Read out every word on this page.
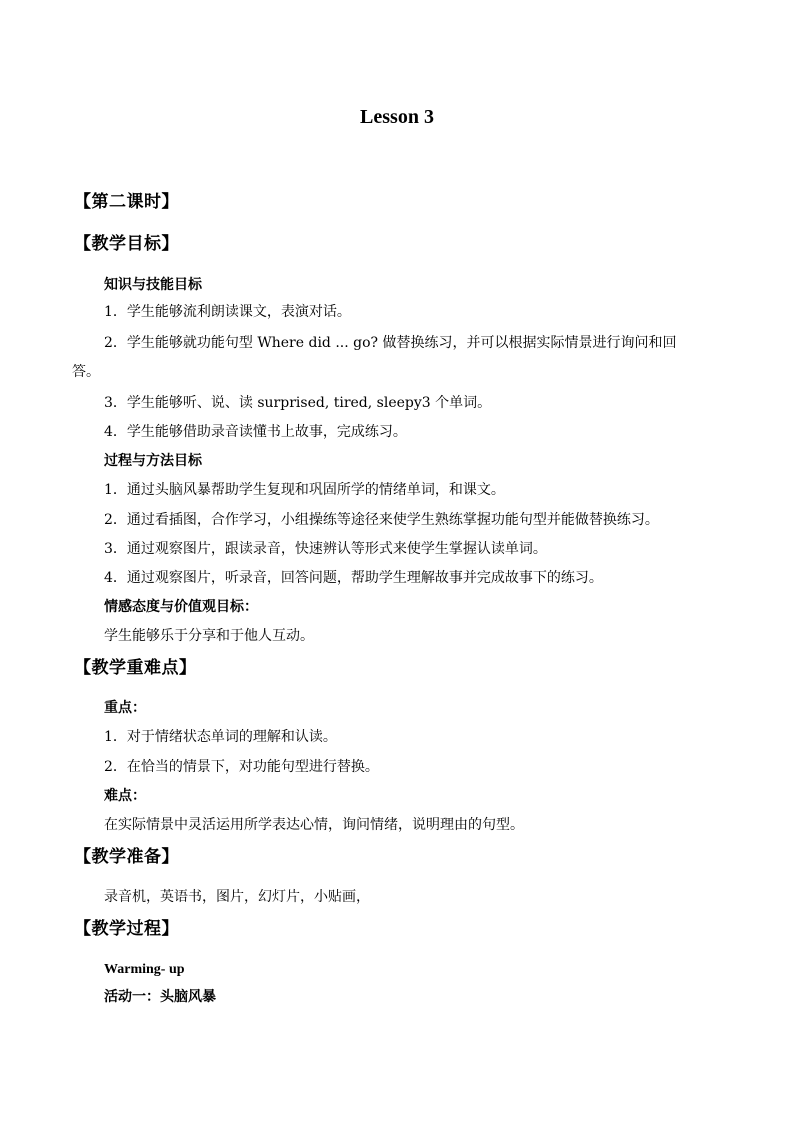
Lesson 3

【第二课时】

【教学目标】

知识与技能目标

1．学生能够流利朗读课文，表演对话。

2．学生能够就功能句型 Where did ... go? 做替换练习，并可以根据实际情景进行询问和回

答。

3．学生能够听、说、读 surprised, tired, sleepy3 个单词。

4．学生能够借助录音读懂书上故事，完成练习。

过程与方法目标

1．通过头脑风暴帮助学生复现和巩固所学的情绪单词，和课文。

2．通过看插图，合作学习，小组操练等途径来使学生熟练掌握功能句型并能做替换练习。

3．通过观察图片，跟读录音，快速辨认等形式来使学生掌握认读单词。

4．通过观察图片，听录音，回答问题，帮助学生理解故事并完成故事下的练习。

情感态度与价值观目标：

学生能够乐于分享和于他人互动。

【教学重难点】

重点：

1．对于情绪状态单词的理解和认读。

2．在恰当的情景下，对功能句型进行替换。

难点：

在实际情景中灵活运用所学表达心情，询问情绪，说明理由的句型。

【教学准备】

录音机，英语书，图片，幻灯片，小贴画，

【教学过程】

Warming- up

活动一：头脑风暴
